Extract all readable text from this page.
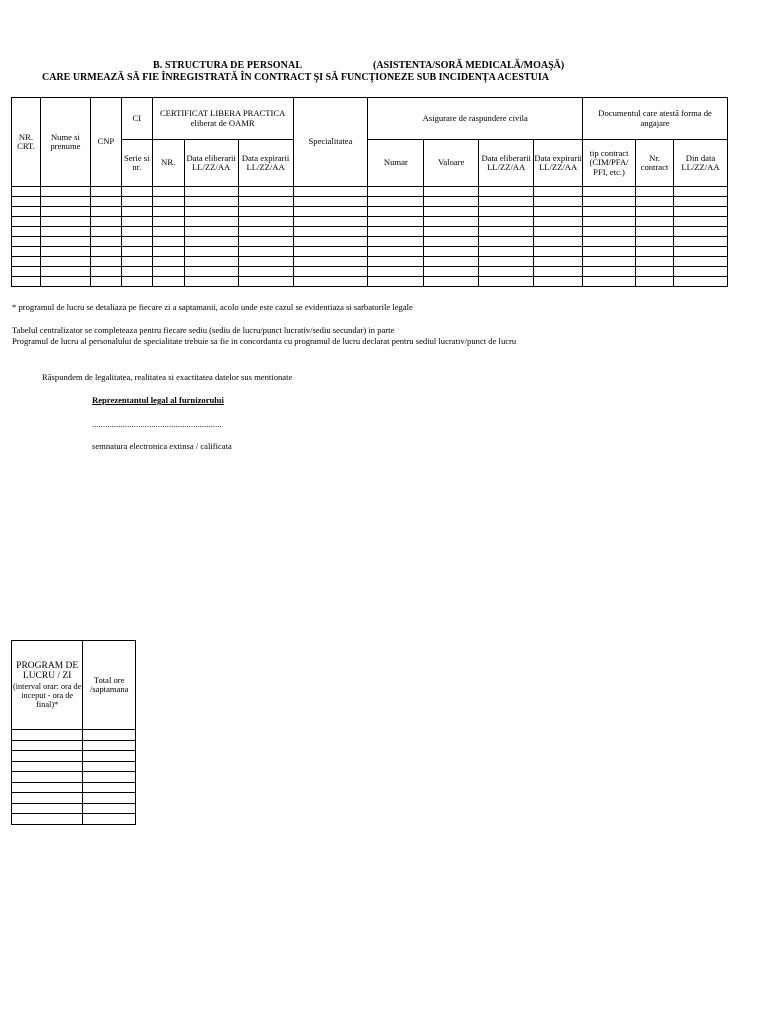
B. STRUCTURA DE PERSONAL	(ASISTENTA/SORĂ MEDICALĂ/MOAŞĂ)
CARE URMEAZĂ SĂ FIE ÎNREGISTRATĂ ÎN CONTRACT ŞI SĂ FUNCŢIONEZE SUB INCIDENŢA ACESTUIA
NR. CRT.	Nume si prenume	CNP	CI	CERTIFICAT LIBERA PRACTICA eliberat de OAMR			Specialitatea	Asigurare de raspundere civila				Documentul care atestă forma de angajare		
			Serie si nr.	NR.	Data eliberarii LL/ZZ/AA	Data expirarii LL/ZZ/AA		Numar	Valoare	Data eliberarii LL/ZZ/AA	Data expirarii LL/ZZ/AA	tip contract (CIM/PFA/ PFI, etc.)	Nr. contract	Din data LL/ZZ/AA

* programul de lucru se detaliaza pe fiecare zi a saptamanii, acolo unde este cazul se evidentiaza si sarbatorile legale
Tabelul centralizator se completeaza pentru fiecare sediu (sediu de lucru/punct lucrativ/sediu secundar) in parte
Programul de lucru al personalului de specialitate trebuie sa fie in concordanta cu programul de lucru declarat pentru sediul lucrativ/punct de lucru
Răspundem de legalitatea, realitatea si exactitatea datelor sus mentionate
Reprezentantul legal al furnizorului
...........................................................
semnatura electronica extinsa / calificata
PROGRAM DE LUCRU / ZI
(interval orar: ora de inceput - ora de final)*	Total ore /saptamana
